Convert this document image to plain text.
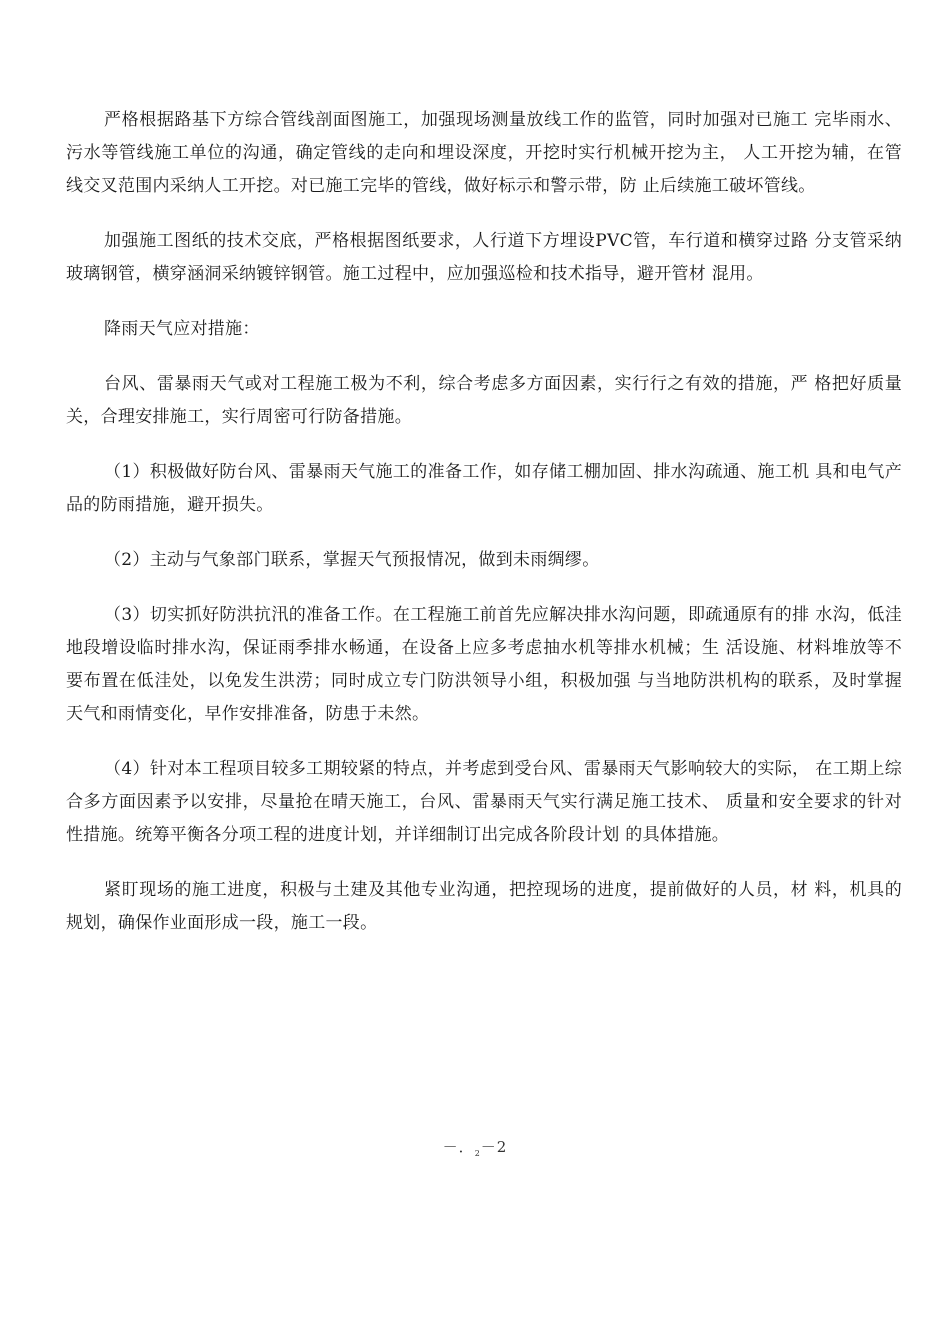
严格根据路基下方综合管线剖面图施工，加强现场测量放线工作的监管，同时加强对已施工 完毕雨水、污水等管线施工单位的沟通，确定管线的走向和埋设深度，开挖时实行机械开挖为主， 人工开挖为辅，在管线交叉范围内采纳人工开挖。对已施工完毕的管线，做好标示和警示带，防 止后续施工破坏管线。

加强施工图纸的技术交底，严格根据图纸要求，人行道下方埋设PVC管，车行道和横穿过路 分支管采纳玻璃钢管，横穿涵洞采纳镀锌钢管。施工过程中，应加强巡检和技术指导，避开管材 混用。

降雨天气应对措施：

台风、雷暴雨天气或对工程施工极为不利，综合考虑多方面因素，实行行之有效的措施，严 格把好质量关，合理安排施工，实行周密可行防备措施。

（1）积极做好防台风、雷暴雨天气施工的准备工作，如存储工棚加固、排水沟疏通、施工机 具和电气产品的防雨措施，避开损失。

（2）主动与气象部门联系，掌握天气预报情况，做到未雨绸缪。

（3）切实抓好防洪抗汛的准备工作。在工程施工前首先应解决排水沟问题，即疏通原有的排 水沟，低洼地段增设临时排水沟，保证雨季排水畅通，在设备上应多考虑抽水机等排水机械；生 活设施、材料堆放等不要布置在低洼处，以免发生洪涝；同时成立专门防洪领导小组，积极加强 与当地防洪机构的联系，及时掌握天气和雨情变化，早作安排准备，防患于未然。

（4）针对本工程项目较多工期较紧的特点，并考虑到受台风、雷暴雨天气影响较大的实际， 在工期上综合多方面因素予以安排，尽量抢在晴天施工，台风、雷暴雨天气实行满足施工技术、 质量和安全要求的针对性措施。统筹平衡各分项工程的进度计划，并详细制订出完成各阶段计划 的具体措施。

紧盯现场的施工进度，积极与土建及其他专业沟通，把控现场的进度，提前做好的人员，材 料，机具的规划，确保作业面形成一段，施工一段。

－．$_2$－2
